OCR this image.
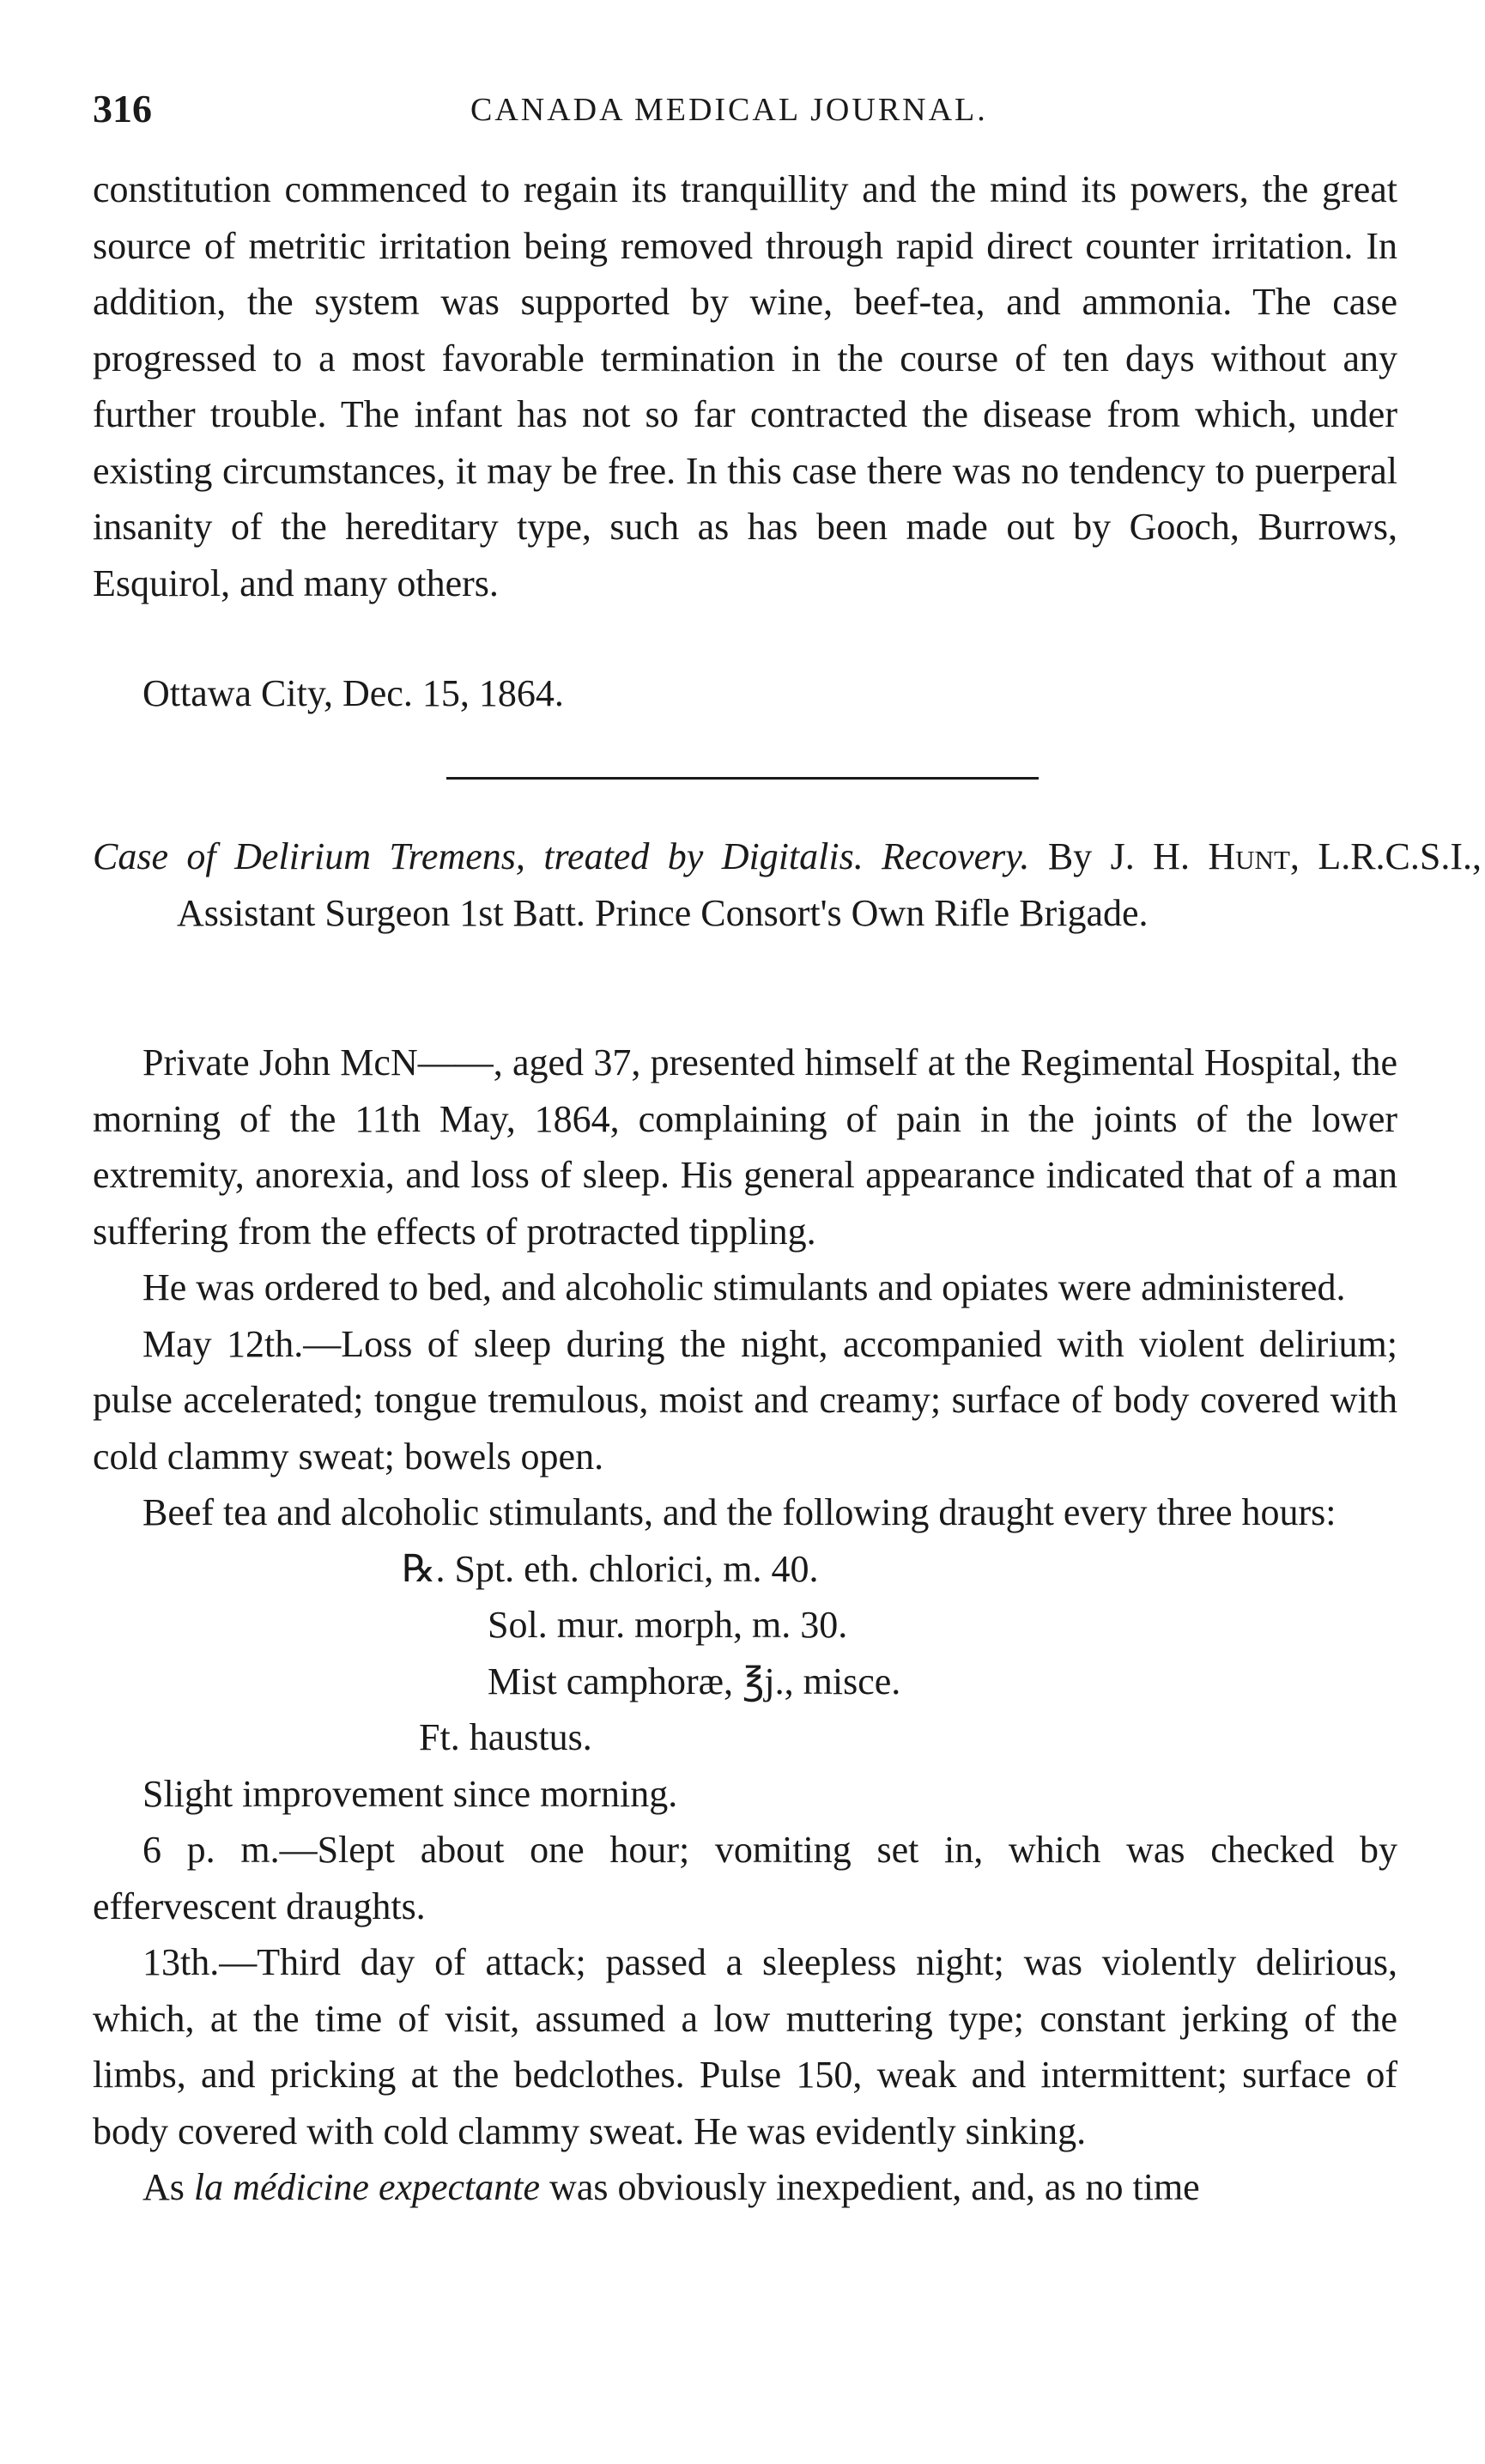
316	CANADA MEDICAL JOURNAL.

constitution commenced to regain its tranquillity and the mind its powers, the great source of metritic irritation being removed through rapid direct counter irritation. In addition, the system was supported by wine, beef-tea, and ammonia. The case progressed to a most favorable termination in the course of ten days without any further trouble. The infant has not so far contracted the disease from which, under existing circumstances, it may be free. In this case there was no tendency to puerperal insanity of the hereditary type, such as has been made out by Gooch, Burrows, Esquirol, and many others.

Ottawa City, Dec. 15, 1864.

Case of Delirium Tremens, treated by Digitalis. Recovery. By J. H. Hunt, L.R.C.S.I., Assistant Surgeon 1st Batt. Prince Consort's Own Rifle Brigade.

Private John McN——, aged 37, presented himself at the Regimental Hospital, the morning of the 11th May, 1864, complaining of pain in the joints of the lower extremity, anorexia, and loss of sleep. His general appearance indicated that of a man suffering from the effects of protracted tippling.

He was ordered to bed, and alcoholic stimulants and opiates were administered.

May 12th.—Loss of sleep during the night, accompanied with violent delirium; pulse accelerated; tongue tremulous, moist and creamy; surface of body covered with cold clammy sweat; bowels open.

Beef tea and alcoholic stimulants, and the following draught every three hours:

℞. Spt. eth. chlorici, m. 40.
Sol. mur. morph, m. 30.
Mist camphoræ, ℥j., misce.
Ft. haustus.

Slight improvement since morning.

6 p. m.—Slept about one hour; vomiting set in, which was checked by effervescent draughts.

13th.—Third day of attack; passed a sleepless night; was violently delirious, which, at the time of visit, assumed a low muttering type; constant jerking of the limbs, and pricking at the bedclothes. Pulse 150, weak and intermittent; surface of body covered with cold clammy sweat. He was evidently sinking.

As la médicine expectante was obviously inexpedient, and, as no time
